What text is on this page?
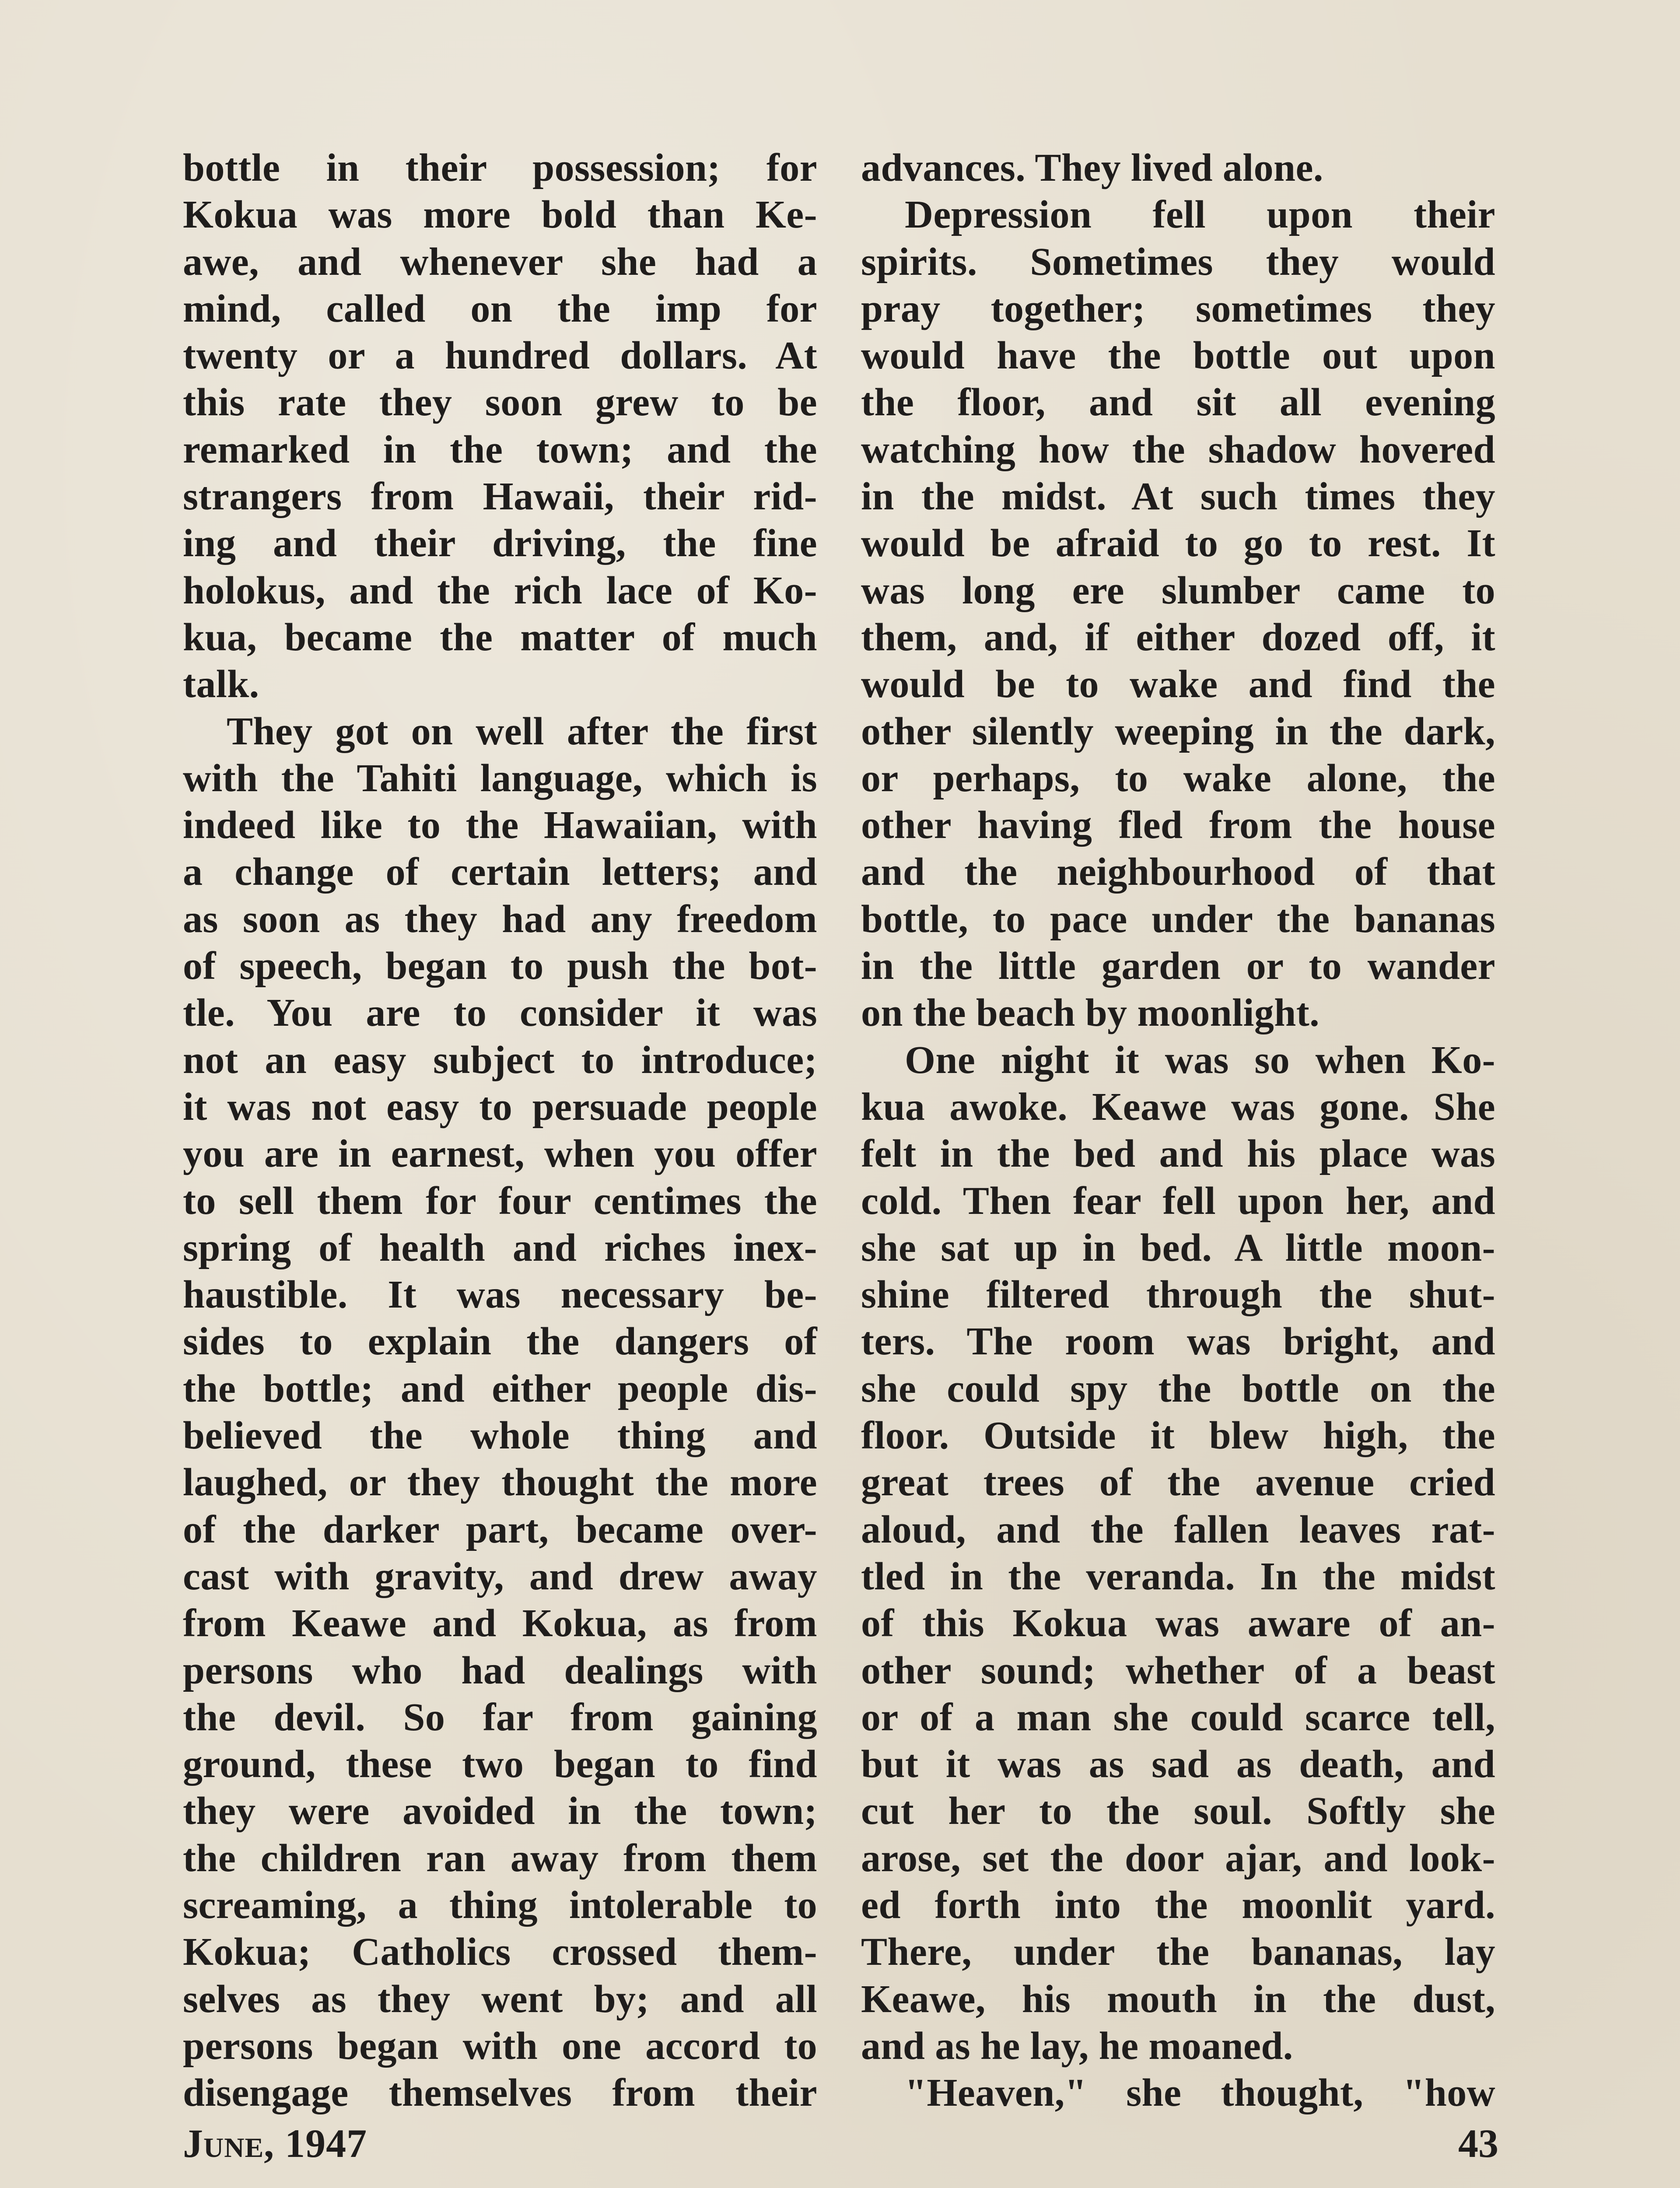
bottle in their possession; for
Kokua was more bold than Ke-
awe, and whenever she had a
mind, called on the imp for
twenty or a hundred dollars. At
this rate they soon grew to be
remarked in the town; and the
strangers from Hawaii, their rid-
ing and their driving, the fine
holokus, and the rich lace of Ko-
kua, became the matter of much
talk.
They got on well after the first
with the Tahiti language, which is
indeed like to the Hawaiian, with
a change of certain letters; and
as soon as they had any freedom
of speech, began to push the bot-
tle. You are to consider it was
not an easy subject to introduce;
it was not easy to persuade people
you are in earnest, when you offer
to sell them for four centimes the
spring of health and riches inex-
haustible. It was necessary be-
sides to explain the dangers of
the bottle; and either people dis-
believed the whole thing and
laughed, or they thought the more
of the darker part, became over-
cast with gravity, and drew away
from Keawe and Kokua, as from
persons who had dealings with
the devil. So far from gaining
ground, these two began to find
they were avoided in the town;
the children ran away from them
screaming, a thing intolerable to
Kokua; Catholics crossed them-
selves as they went by; and all
persons began with one accord to
disengage themselves from their
advances. They lived alone.
Depression fell upon their
spirits. Sometimes they would
pray together; sometimes they
would have the bottle out upon
the floor, and sit all evening
watching how the shadow hovered
in the midst. At such times they
would be afraid to go to rest. It
was long ere slumber came to
them, and, if either dozed off, it
would be to wake and find the
other silently weeping in the dark,
or perhaps, to wake alone, the
other having fled from the house
and the neighbourhood of that
bottle, to pace under the bananas
in the little garden or to wander
on the beach by moonlight.
One night it was so when Ko-
kua awoke. Keawe was gone. She
felt in the bed and his place was
cold. Then fear fell upon her, and
she sat up in bed. A little moon-
shine filtered through the shut-
ters. The room was bright, and
she could spy the bottle on the
floor. Outside it blew high, the
great trees of the avenue cried
aloud, and the fallen leaves rat-
tled in the veranda. In the midst
of this Kokua was aware of an-
other sound; whether of a beast
or of a man she could scarce tell,
but it was as sad as death, and
cut her to the soul. Softly she
arose, set the door ajar, and look-
ed forth into the moonlit yard.
There, under the bananas, lay
Keawe, his mouth in the dust,
and as he lay, he moaned.
"Heaven," she thought, "how
June, 1947	43
